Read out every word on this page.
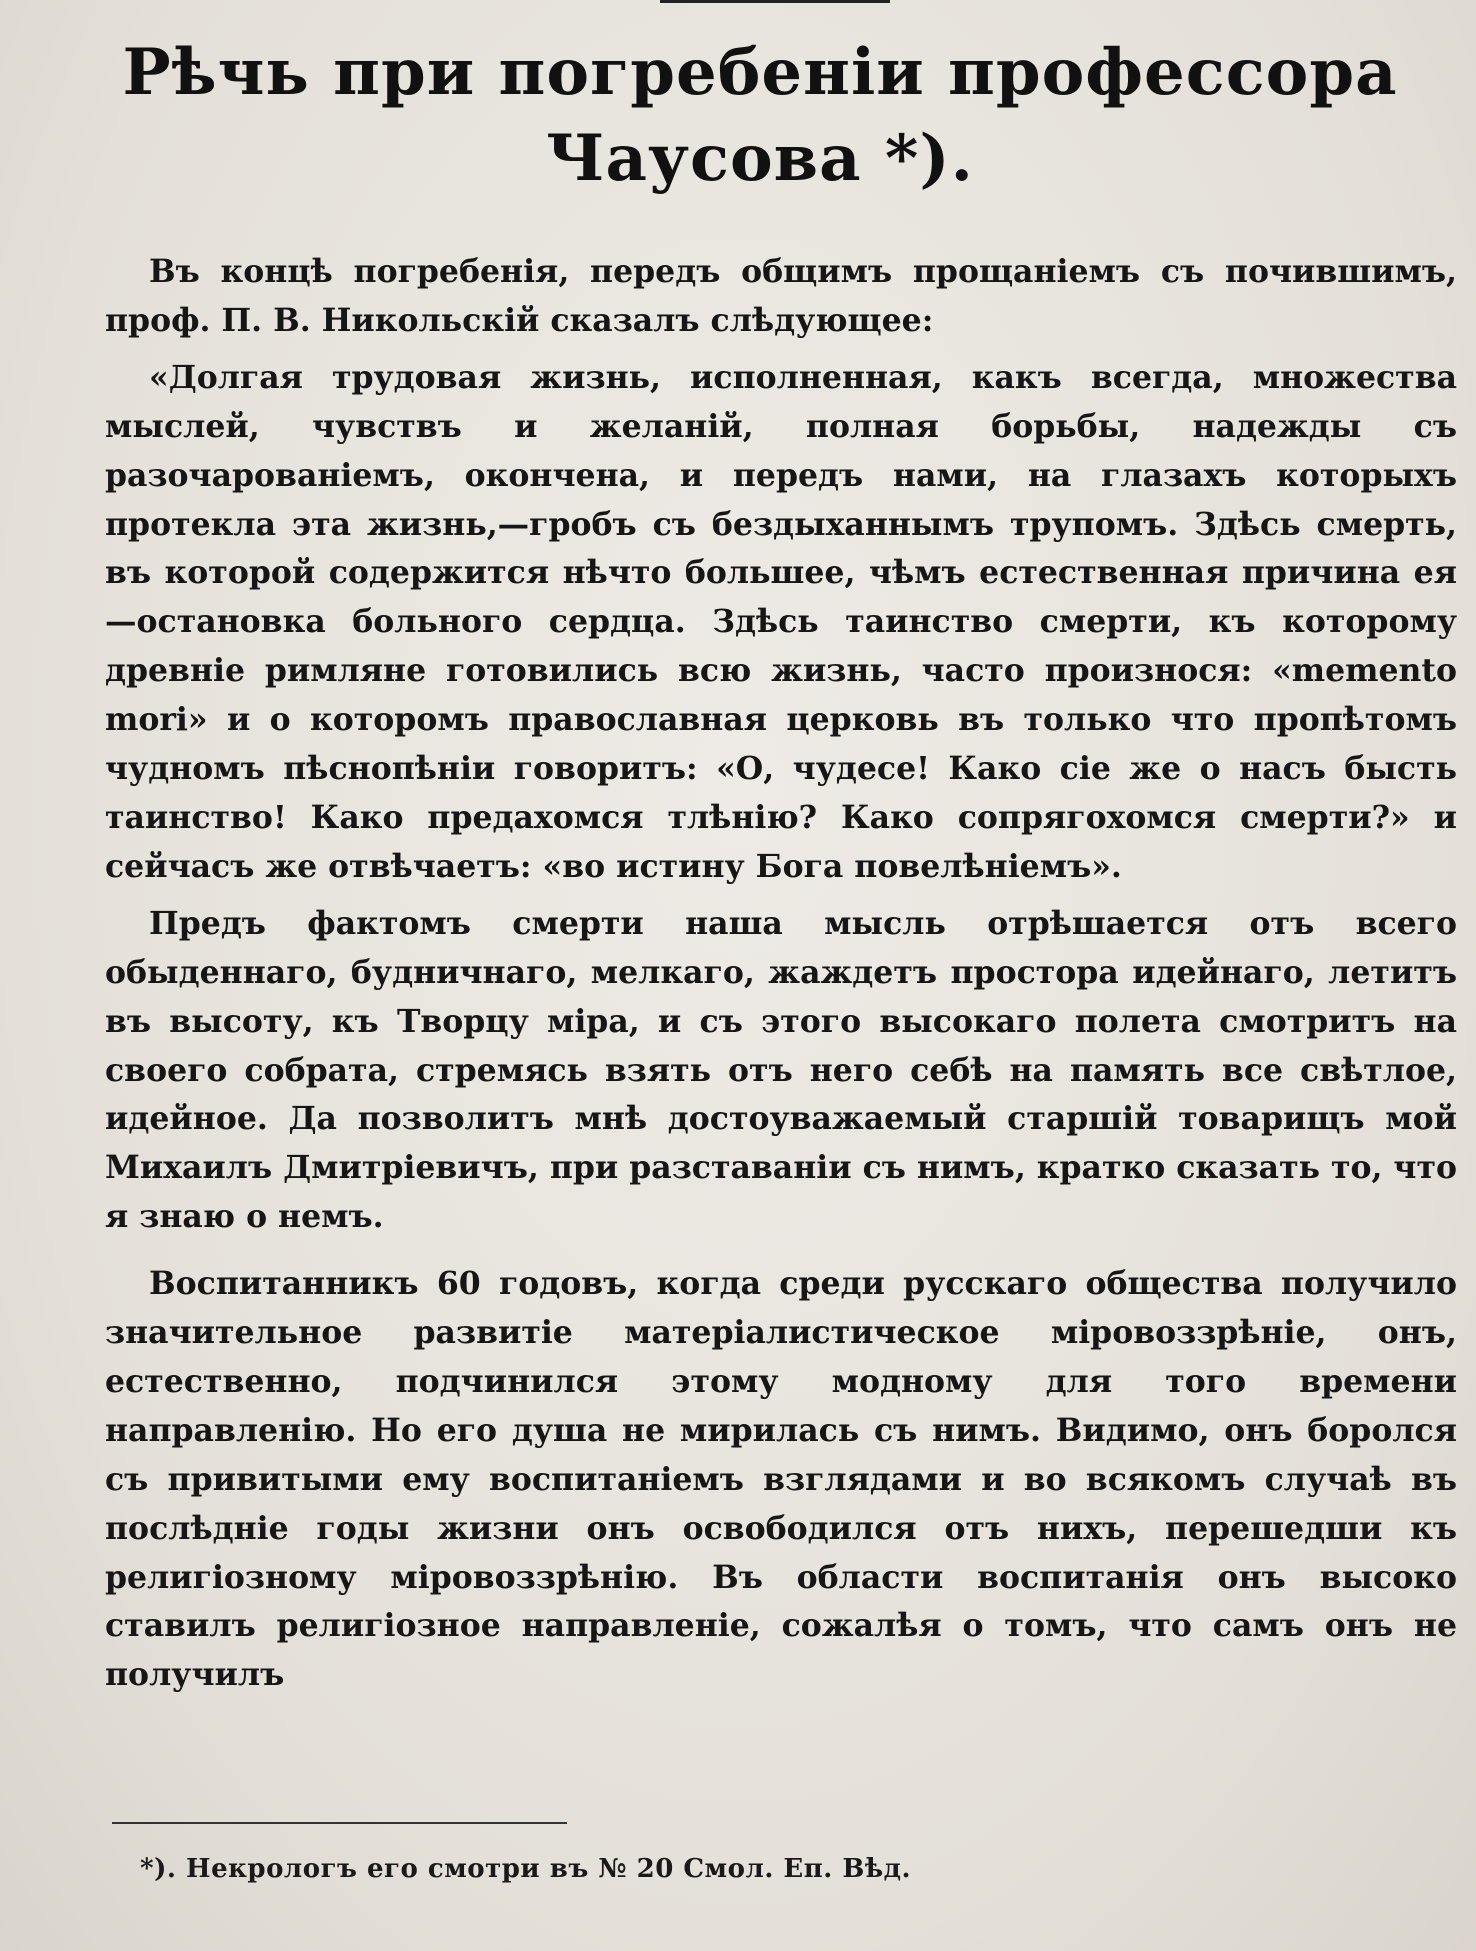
Рѣчь при погребеніи профессора Чаусова *).

Въ концѣ погребенія, передъ общимъ прощаніемъ съ почившимъ, проф. П. В. Никольскій сказалъ слѣдующее:

«Долгая трудовая жизнь, исполненная, какъ всегда, множества мыслей, чувствъ и желаній, полная борьбы, надежды съ разочарованіемъ, окончена, и передъ нами, на глазахъ которыхъ протекла эта жизнь,—гробъ съ бездыханнымъ трупомъ. Здѣсь смерть, въ которой содержится нѣчто большее, чѣмъ естественная причина ея—остановка больного сердца. Здѣсь таинство смерти, къ которому древніе римляне готовились всю жизнь, часто произнося: «memento mori» и о которомъ православная церковь въ только что пропѣтомъ чудномъ пѣснопѣніи говоритъ: «О, чудесе! Како сіе же о насъ бысть таинство! Како предахомся тлѣнію? Како сопрягохомся смерти?» и сейчасъ же отвѣчаетъ: «во истину Бога повелѣніемъ».

Предъ фактомъ смерти наша мысль отрѣшается отъ всего обыденнаго, будничнаго, мелкаго, жаждетъ простора идейнаго, летитъ въ высоту, къ Творцу міра, и съ этого высокаго полета смотритъ на своего собрата, стремясь взять отъ него себѣ на память все свѣтлое, идейное. Да позволитъ мнѣ достоуважаемый старшій товарищъ мой Михаилъ Дмитріевичъ, при разставаніи съ нимъ, кратко сказать то, что я знаю о немъ.

Воспитанникъ 60 годовъ, когда среди русскаго общества получило значительное развитіе матеріалистическое міровоззрѣніе, онъ, естественно, подчинился этому модному для того времени направленію. Но его душа не мирилась съ нимъ. Видимо, онъ боролся съ привитыми ему воспитаніемъ взглядами и во всякомъ случаѣ въ послѣдніе годы жизни онъ освободился отъ нихъ, перешедши къ религіозному міровоззрѣнію. Въ области воспитанія онъ высоко ставилъ религіозное направленіе, сожалѣя о томъ, что самъ онъ не получилъ

*). Некрологъ его смотри въ № 20 Смол. Еп. Вѣд.
